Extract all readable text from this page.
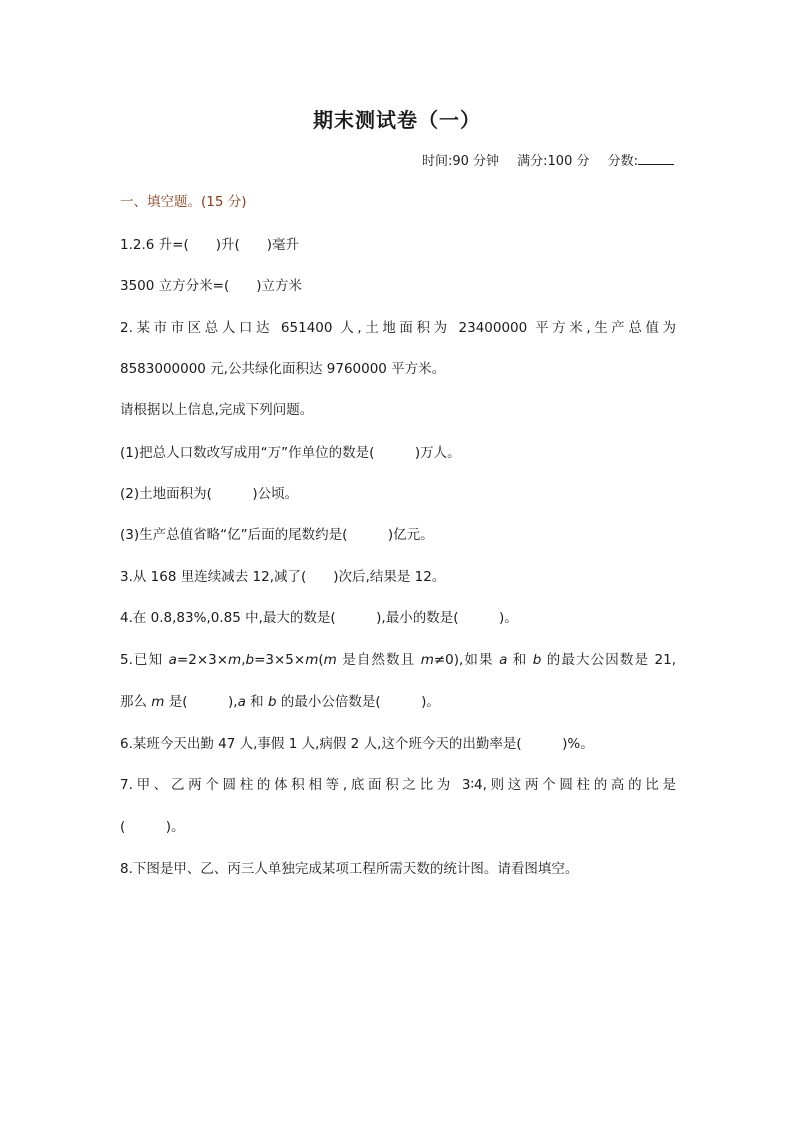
期末测试卷（一）
时间:90 分钟 满分:100 分 分数:
一、填空题。(15 分)
1.2.6 升=(　　)升(　　)毫升
3500 立方分米=(　　)立方米
2.某市市区总人口达 651400 人,土地面积为 23400000 平方米,生产总值为
8583000000 元,公共绿化面积达 9760000 平方米。
请根据以上信息,完成下列问题。
(1)把总人口数改写成用“万”作单位的数是(　　　)万人。
(2)土地面积为(　　　)公顷。
(3)生产总值省略“亿”后面的尾数约是(　　　)亿元。
3.从 168 里连续减去 12,减了(　　)次后,结果是 12。
4.在 0.8,83%,0.85 中,最大的数是(　　　),最小的数是(　　　)。
5.已知 a=2×3×m,b=3×5×m(m 是自然数且 m≠0),如果 a 和 b 的最大公因数是 21,
那么 m 是(　　　),a 和 b 的最小公倍数是(　　　)。
6.某班今天出勤 47 人,事假 1 人,病假 2 人,这个班今天的出勤率是(　　　)%。
7.甲、乙两个圆柱的体积相等,底面积之比为 3∶4,则这两个圆柱的高的比是
(　　　)。
8.下图是甲、乙、丙三人单独完成某项工程所需天数的统计图。请看图填空。
